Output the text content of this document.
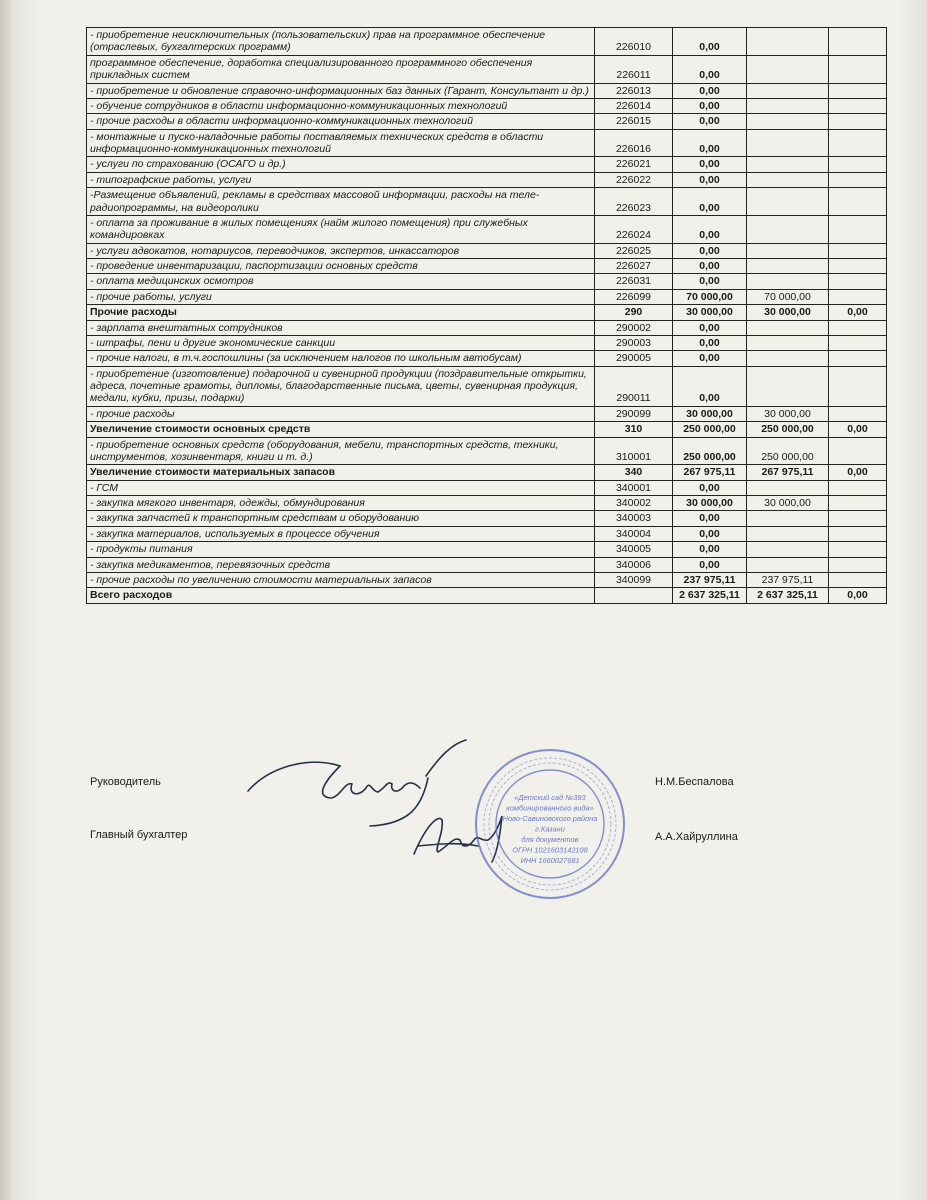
- приобретение неисключительных (пользовательских) прав на программное обеспечение (отраслевых, бухгалтерских программ)	226010	0,00		
программное обеспечение, доработка специализированного программного обеспечения прикладных систем	226011	0,00		
- приобретение и обновление справочно-информационных баз данных (Гарант, Консультант и др.)	226013	0,00		
- обучение сотрудников в области информационно-коммуникационных технологий	226014	0,00		
- прочие расходы в области информационно-коммуникационных технологий	226015	0,00		
- монтажные и пуско-наладочные работы поставляемых технических средств в области информационно-коммуникационных технологий	226016	0,00		
- услуги по страхованию (ОСАГО и др.)	226021	0,00		
- типографские работы, услуги	226022	0,00		
-Размещение объявлений, рекламы в средствах массовой информации, расходы на теле-радиопрограммы, на видеоролики	226023	0,00		
- оплата за проживание в жилых помещениях (найм жилого помещения) при служебных командировках	226024	0,00		
- услуги адвокатов, нотариусов, переводчиков, экспертов, инкассаторов	226025	0,00		
- проведение инвентаризации, паспортизации основных средств	226027	0,00		
- оплата медицинских осмотров	226031	0,00		
- прочие работы, услуги	226099	70 000,00	70 000,00	
Прочие расходы	290	30 000,00	30 000,00	0,00
- зарплата внештатных сотрудников	290002	0,00		
- штрафы, пени и другие экономические санкции	290003	0,00		
- прочие налоги, в т.ч.госпошлины (за исключением налогов по школьным автобусам)	290005	0,00		
- приобретение (изготовление) подарочной и сувенирной продукции (поздравительные открытки, адреса, почетные грамоты, дипломы, благодарственные письма, цветы, сувенирная продукция, медали, кубки, призы, подарки)	290011	0,00		
- прочие расходы	290099	30 000,00	30 000,00	
Увеличение стоимости основных средств	310	250 000,00	250 000,00	0,00
- приобретение основных средств (оборудования, мебели, транспортных средств, техники, инструментов, хозинвентаря, книги и т. д.)	310001	250 000,00	250 000,00	
Увеличение стоимости материальных запасов	340	267 975,11	267 975,11	0,00
- ГСМ	340001	0,00		
- закупка мягкого инвентаря, одежды, обмундирования	340002	30 000,00	30 000,00	
- закупка запчастей к транспортным средствам и оборудованию	340003	0,00		
- закупка материалов, используемых в процессе обучения	340004	0,00		
- продукты питания	340005	0,00		
- закупка медикаментов, перевязочных средств	340006	0,00		
- прочие расходы по увеличению стоимости материальных запасов	340099	237 975,11	237 975,11	
Всего расходов		2 637 325,11	2 637 325,11	0,00
Руководитель	Н.М.Беспалова
Главный бухгалтер	А.А.Хайруллина
«Детский сад №393
комбинированного вида»
Ново-Савиновского района
г.Казани
для документов
ОГРН 1021603142108
ИНН 1660027681
